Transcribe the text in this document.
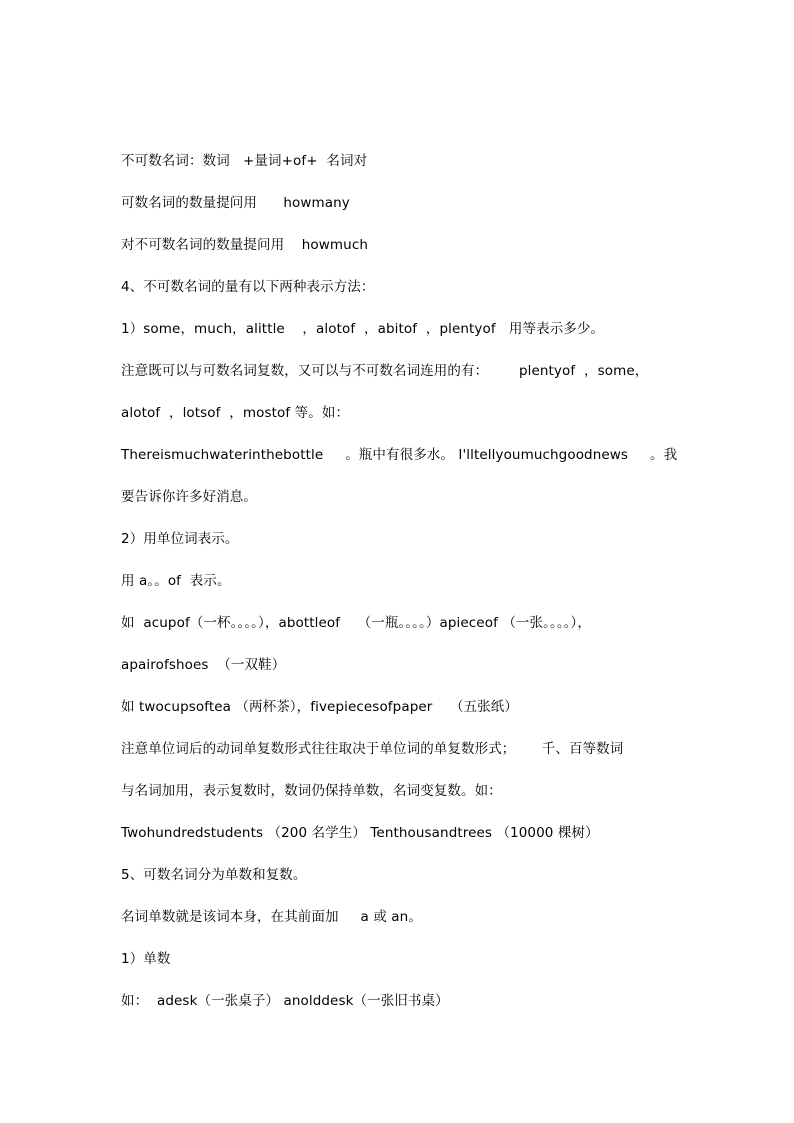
不可数名词：数词   +量词+of+  名词对
可数名词的数量提问用      howmany
对不可数名词的数量提问用    howmuch
4、不可数名词的量有以下两种表示方法：
1）some，much，alittle    ，alotof  ，abitof  ，plentyof   用等表示多少。
注意既可以与可数名词复数，又可以与不可数名词连用的有：       plentyof  ，some，
alotof  ，lotsof  ，mostof 等。如：
Thereismuchwaterinthebottle     。瓶中有很多水。 I'lltellyoumuchgoodnews     。我
要告诉你许多好消息。
2）用单位词表示。
用 a。。of  表示。
如  acupof（一杯。。。。），abottleof    （一瓶。。。。）apieceof （一张。。。。），
apairofshoes  （一双鞋）
如 twocupsoftea （两杯茶），fivepiecesofpaper    （五张纸）
注意单位词后的动词单复数形式往往取决于单位词的单复数形式；      千、百等数词
与名词加用，表示复数时，数词仍保持单数，名词变复数。如：
Twohundredstudents （200 名学生） Tenthousandtrees （10000 棵树）
5、可数名词分为单数和复数。
名词单数就是该词本身，在其前面加     a 或 an。
1）单数
如：  adesk（一张桌子） anolddesk（一张旧书桌）
